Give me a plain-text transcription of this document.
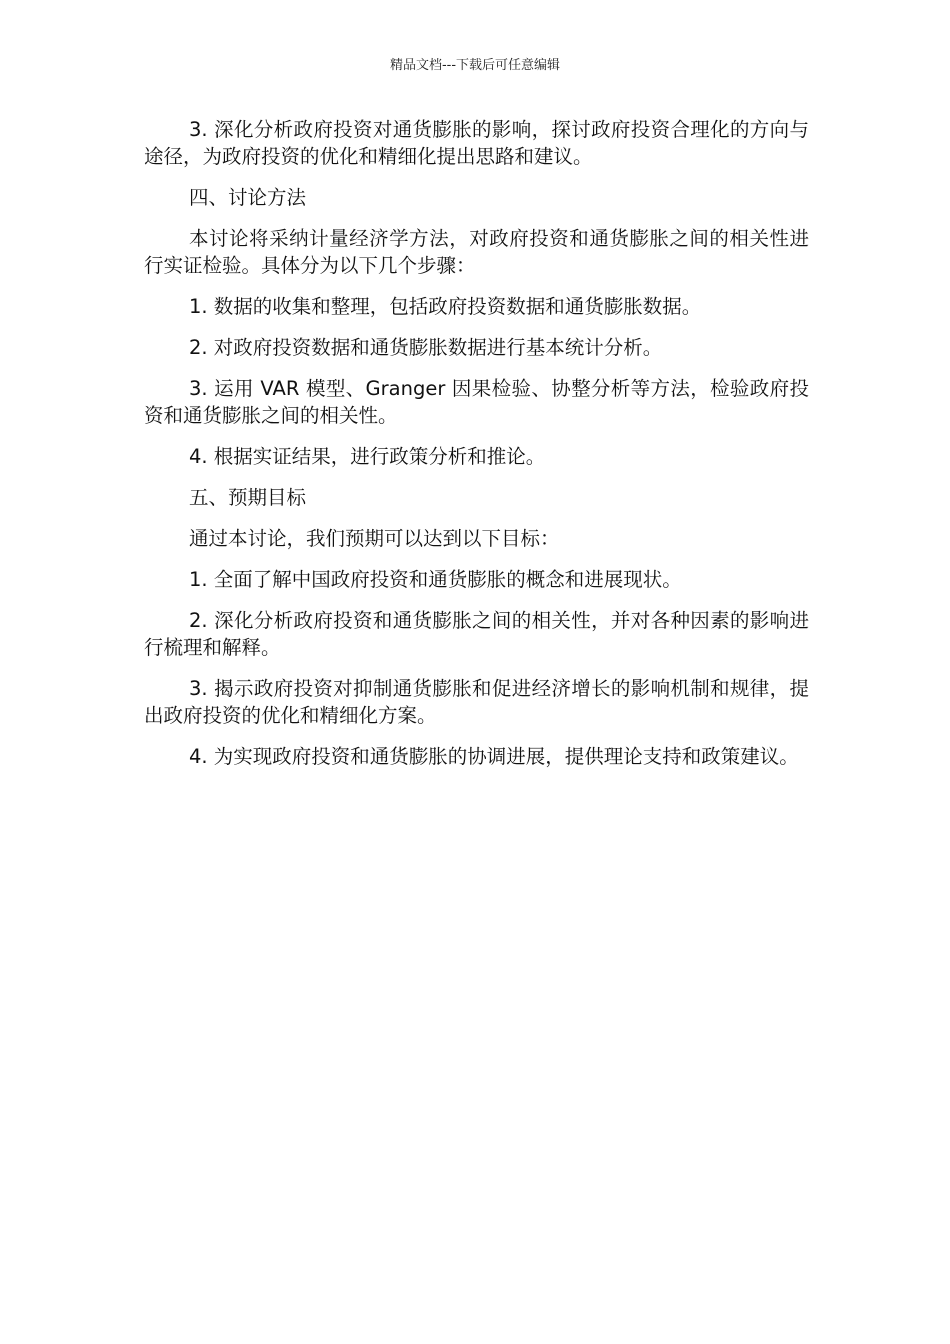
精品文档---下载后可任意编辑

3. 深化分析政府投资对通货膨胀的影响，探讨政府投资合理化的方向与途径，为政府投资的优化和精细化提出思路和建议。

四、讨论方法

本讨论将采纳计量经济学方法，对政府投资和通货膨胀之间的相关性进行实证检验。具体分为以下几个步骤：

1. 数据的收集和整理，包括政府投资数据和通货膨胀数据。

2. 对政府投资数据和通货膨胀数据进行基本统计分析。

3. 运用 VAR 模型、Granger 因果检验、协整分析等方法，检验政府投资和通货膨胀之间的相关性。

4. 根据实证结果，进行政策分析和推论。

五、预期目标

通过本讨论，我们预期可以达到以下目标：

1. 全面了解中国政府投资和通货膨胀的概念和进展现状。

2. 深化分析政府投资和通货膨胀之间的相关性，并对各种因素的影响进行梳理和解释。

3. 揭示政府投资对抑制通货膨胀和促进经济增长的影响机制和规律，提出政府投资的优化和精细化方案。

4. 为实现政府投资和通货膨胀的协调进展，提供理论支持和政策建议。
